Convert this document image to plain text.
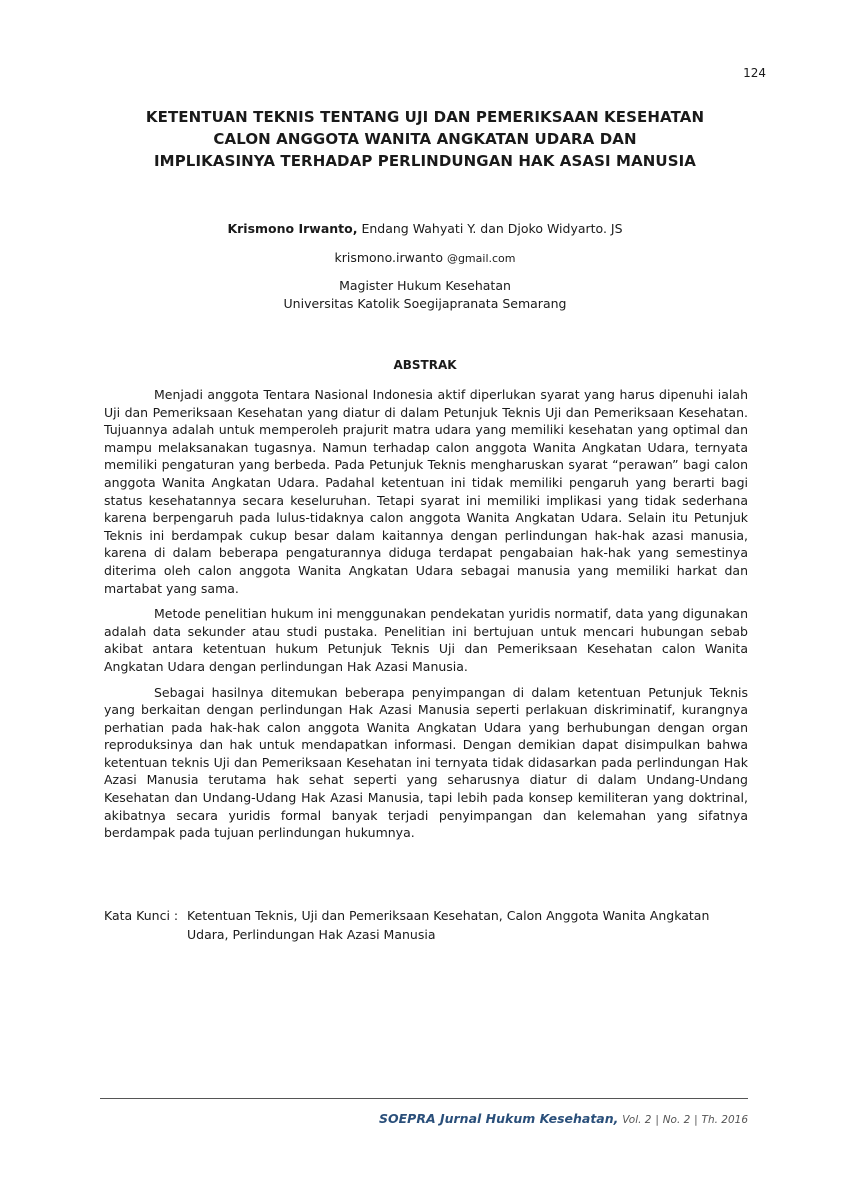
124
KETENTUAN TEKNIS TENTANG UJI DAN PEMERIKSAAN KESEHATAN
CALON ANGGOTA WANITA ANGKATAN UDARA DAN
IMPLIKASINYA TERHADAP PERLINDUNGAN HAK ASASI MANUSIA
Krismono Irwanto, Endang Wahyati Y. dan Djoko Widyarto. JS
krismono.irwanto @gmail.com
Magister Hukum Kesehatan
Universitas Katolik Soegijapranata Semarang
ABSTRAK

Menjadi anggota Tentara Nasional Indonesia aktif diperlukan syarat yang harus dipenuhi ialah Uji dan Pemeriksaan Kesehatan yang diatur di dalam Petunjuk Teknis Uji dan Pemeriksaan Kesehatan. Tujuannya adalah untuk memperoleh prajurit matra udara yang memiliki kesehatan yang optimal dan mampu melaksanakan tugasnya. Namun terhadap calon anggota Wanita Angkatan Udara, ternyata memiliki pengaturan yang berbeda. Pada Petunjuk Teknis mengharuskan syarat “perawan” bagi calon anggota Wanita Angkatan Udara. Padahal ketentuan ini tidak memiliki pengaruh yang berarti bagi status kesehatannya secara keseluruhan. Tetapi syarat ini memiliki implikasi yang tidak sederhana karena berpengaruh pada lulus-tidaknya calon anggota Wanita Angkatan Udara. Selain itu Petunjuk Teknis ini berdampak cukup besar dalam kaitannya dengan perlindungan hak-hak azasi manusia, karena di dalam beberapa pengaturannya diduga terdapat pengabaian hak-hak yang semestinya diterima oleh calon anggota Wanita Angkatan Udara sebagai manusia yang memiliki harkat dan martabat yang sama.

Metode penelitian hukum ini menggunakan pendekatan yuridis normatif, data yang digunakan adalah data sekunder atau studi pustaka. Penelitian ini bertujuan untuk mencari hubungan sebab akibat antara ketentuan hukum Petunjuk Teknis Uji dan Pemeriksaan Kesehatan calon Wanita Angkatan Udara dengan perlindungan Hak Azasi Manusia.

Sebagai hasilnya ditemukan beberapa penyimpangan di dalam ketentuan Petunjuk Teknis yang berkaitan dengan perlindungan Hak Azasi Manusia seperti perlakuan diskriminatif, kurangnya perhatian pada hak-hak calon anggota Wanita Angkatan Udara yang berhubungan dengan organ reproduksinya dan hak untuk mendapatkan informasi. Dengan demikian dapat disimpulkan bahwa ketentuan teknis Uji dan Pemeriksaan Kesehatan ini ternyata tidak didasarkan pada perlindungan Hak Azasi Manusia terutama hak sehat seperti yang seharusnya diatur di dalam Undang-Undang Kesehatan dan Undang-Udang Hak Azasi Manusia, tapi lebih pada konsep kemiliteran yang doktrinal, akibatnya secara yuridis formal banyak terjadi penyimpangan dan kelemahan yang sifatnya berdampak pada tujuan perlindungan hukumnya.

Kata Kunci : Ketentuan Teknis, Uji dan Pemeriksaan Kesehatan, Calon Anggota Wanita Angkatan Udara, Perlindungan Hak Azasi Manusia
SOEPRA Jurnal Hukum Kesehatan, Vol. 2 | No. 2 | Th. 2016
